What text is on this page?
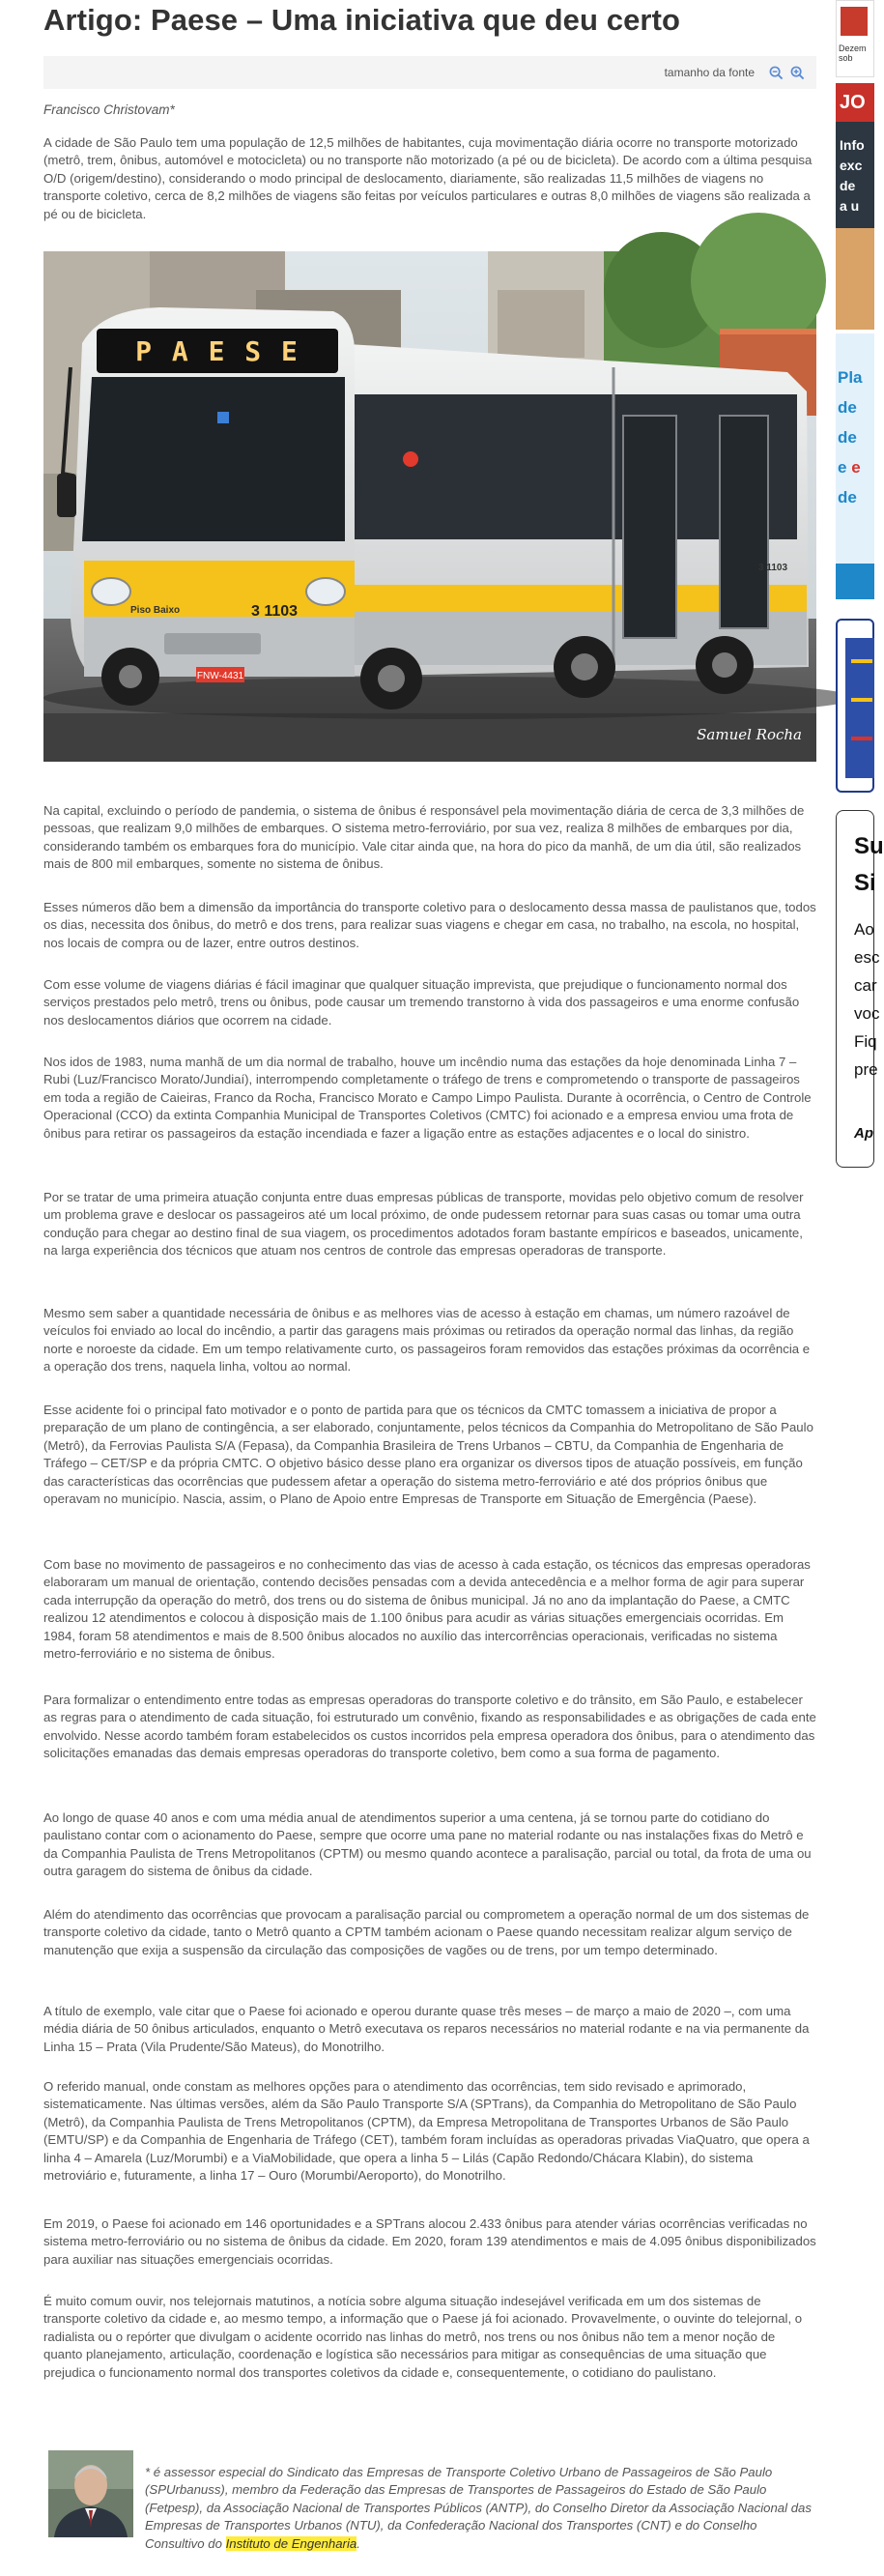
Artigo: Paese – Uma iniciativa que deu certo
tamanho da fonte
Francisco Christovam*

A cidade de São Paulo tem uma população de 12,5 milhões de habitantes, cuja movimentação diária ocorre no transporte motorizado (metrô, trem, ônibus, automóvel e motocicleta) ou no transporte não motorizado (a pé ou de bicicleta). De acordo com a última pesquisa O/D (origem/destino), considerando o modo principal de deslocamento, diariamente, são realizadas 11,5 milhões de viagens no transporte coletivo, cerca de 8,2 milhões de viagens são feitas por veículos particulares e outras 8,0 milhões de viagens são realizada a pé ou de bicicleta.

P A E S E
Piso Baixo	3 1103
FNW-4431
3 1103
Samuel Rocha

Na capital, excluindo o período de pandemia, o sistema de ônibus é responsável pela movimentação diária de cerca de 3,3 milhões de pessoas, que realizam 9,0 milhões de embarques. O sistema metro-ferroviário, por sua vez, realiza 8 milhões de embarques por dia, considerando também os embarques fora do município. Vale citar ainda que, na hora do pico da manhã, de um dia útil, são realizados mais de 800 mil embarques, somente no sistema de ônibus.

Esses números dão bem a dimensão da importância do transporte coletivo para o deslocamento dessa massa de paulistanos que, todos os dias, necessita dos ônibus, do metrô e dos trens, para realizar suas viagens e chegar em casa, no trabalho, na escola, no hospital, nos locais de compra ou de lazer, entre outros destinos.

Com esse volume de viagens diárias é fácil imaginar que qualquer situação imprevista, que prejudique o funcionamento normal dos serviços prestados pelo metrô, trens ou ônibus, pode causar um tremendo transtorno à vida dos passageiros e uma enorme confusão nos deslocamentos diários que ocorrem na cidade.

Nos idos de 1983, numa manhã de um dia normal de trabalho, houve um incêndio numa das estações da hoje denominada Linha 7 – Rubi (Luz/Francisco Morato/Jundiaí), interrompendo completamente o tráfego de trens e comprometendo o transporte de passageiros em toda a região de Caieiras, Franco da Rocha, Francisco Morato e Campo Limpo Paulista. Durante à ocorrência, o Centro de Controle Operacional (CCO) da extinta Companhia Municipal de Transportes Coletivos (CMTC) foi acionado e a empresa enviou uma frota de ônibus para retirar os passageiros da estação incendiada e fazer a ligação entre as estações adjacentes e o local do sinistro.

Por se tratar de uma primeira atuação conjunta entre duas empresas públicas de transporte, movidas pelo objetivo comum de resolver um problema grave e deslocar os passageiros até um local próximo, de onde pudessem retornar para suas casas ou tomar uma outra condução para chegar ao destino final de sua viagem, os procedimentos adotados foram bastante empíricos e baseados, unicamente, na larga experiência dos técnicos que atuam nos centros de controle das empresas operadoras de transporte.

Mesmo sem saber a quantidade necessária de ônibus e as melhores vias de acesso à estação em chamas, um número razoável de veículos foi enviado ao local do incêndio, a partir das garagens mais próximas ou retirados da operação normal das linhas, da região norte e noroeste da cidade. Em um tempo relativamente curto, os passageiros foram removidos das estações próximas da ocorrência e a operação dos trens, naquela linha, voltou ao normal.

Esse acidente foi o principal fato motivador e o ponto de partida para que os técnicos da CMTC tomassem a iniciativa de propor a preparação de um plano de contingência, a ser elaborado, conjuntamente, pelos técnicos da Companhia do Metropolitano de São Paulo (Metrô), da Ferrovias Paulista S/A (Fepasa), da Companhia Brasileira de Trens Urbanos – CBTU, da Companhia de Engenharia de Tráfego – CET/SP e da própria CMTC. O objetivo básico desse plano era organizar os diversos tipos de atuação possíveis, em função das características das ocorrências que pudessem afetar a operação do sistema metro-ferroviário e até dos próprios ônibus que operavam no município. Nascia, assim, o Plano de Apoio entre Empresas de Transporte em Situação de Emergência (Paese).

Com base no movimento de passageiros e no conhecimento das vias de acesso à cada estação, os técnicos das empresas operadoras elaboraram um manual de orientação, contendo decisões pensadas com a devida antecedência e a melhor forma de agir para superar cada interrupção da operação do metrô, dos trens ou do sistema de ônibus municipal. Já no ano da implantação do Paese, a CMTC realizou 12 atendimentos e colocou à disposição mais de 1.100 ônibus para acudir as várias situações emergenciais ocorridas. Em 1984, foram 58 atendimentos e mais de 8.500 ônibus alocados no auxílio das intercorrências operacionais, verificadas no sistema metro-ferroviário e no sistema de ônibus.

Para formalizar o entendimento entre todas as empresas operadoras do transporte coletivo e do trânsito, em São Paulo, e estabelecer as regras para o atendimento de cada situação, foi estruturado um convênio, fixando as responsabilidades e as obrigações de cada ente envolvido. Nesse acordo também foram estabelecidos os custos incorridos pela empresa operadora dos ônibus, para o atendimento das solicitações emanadas das demais empresas operadoras do transporte coletivo, bem como a sua forma de pagamento.

Ao longo de quase 40 anos e com uma média anual de atendimentos superior a uma centena, já se tornou parte do cotidiano do paulistano contar com o acionamento do Paese, sempre que ocorre uma pane no material rodante ou nas instalações fixas do Metrô e da Companhia Paulista de Trens Metropolitanos (CPTM) ou mesmo quando acontece a paralisação, parcial ou total, da frota de uma ou outra garagem do sistema de ônibus da cidade.

Além do atendimento das ocorrências que provocam a paralisação parcial ou comprometem a operação normal de um dos sistemas de transporte coletivo da cidade, tanto o Metrô quanto a CPTM também acionam o Paese quando necessitam realizar algum serviço de manutenção que exija a suspensão da circulação das composições de vagões ou de trens, por um tempo determinado.

A título de exemplo, vale citar que o Paese foi acionado e operou durante quase três meses – de março a maio de 2020 –, com uma média diária de 50 ônibus articulados, enquanto o Metrô executava os reparos necessários no material rodante e na via permanente da Linha 15 – Prata (Vila Prudente/São Mateus), do Monotrilho.

O referido manual, onde constam as melhores opções para o atendimento das ocorrências, tem sido revisado e aprimorado, sistematicamente. Nas últimas versões, além da São Paulo Transporte S/A (SPTrans), da Companhia do Metropolitano de São Paulo (Metrô), da Companhia Paulista de Trens Metropolitanos (CPTM), da Empresa Metropolitana de Transportes Urbanos de São Paulo (EMTU/SP) e da Companhia de Engenharia de Tráfego (CET), também foram incluídas as operadoras privadas ViaQuatro, que opera a linha 4 – Amarela (Luz/Morumbi) e a ViaMobilidade, que opera a linha 5 – Lilás (Capão Redondo/Chácara Klabin), do sistema metroviário e, futuramente, a linha 17 – Ouro (Morumbi/Aeroporto), do Monotrilho.

Em 2019, o Paese foi acionado em 146 oportunidades e a SPTrans alocou 2.433 ônibus para atender várias ocorrências verificadas no sistema metro-ferroviário ou no sistema de ônibus da cidade. Em 2020, foram 139 atendimentos e mais de 4.095 ônibus disponibilizados para auxiliar nas situações emergenciais ocorridas.

É muito comum ouvir, nos telejornais matutinos, a notícia sobre alguma situação indesejável verificada em um dos sistemas de transporte coletivo da cidade e, ao mesmo tempo, a informação que o Paese já foi acionado. Provavelmente, o ouvinte do telejornal, o radialista ou o repórter que divulgam o acidente ocorrido nas linhas do metrô, nos trens ou nos ônibus não tem a menor noção de quanto planejamento, articulação, coordenação e logística são necessários para mitigar as consequências de uma situação que prejudica o funcionamento normal dos transportes coletivos da cidade e, consequentemente, o cotidiano do paulistano.

* é assessor especial do Sindicato das Empresas de Transporte Coletivo Urbano de Passageiros de São Paulo (SPUrbanuss), membro da Federação das Empresas de Transportes de Passageiros do Estado de São Paulo (Fetpesp), da Associação Nacional de Transportes Públicos (ANTP), do Conselho Diretor da Associação Nacional das Empresas de Transportes Urbanos (NTU), da Confederação Nacional dos Transportes (CNT) e do Conselho Consultivo do Instituto de Engenharia.
Dezem
sob
JO
Info
exc
de
a u
Pla
de
de
e e
de
Su
Si
Ao
esc
car
voc
Fiq
pre
Ap
